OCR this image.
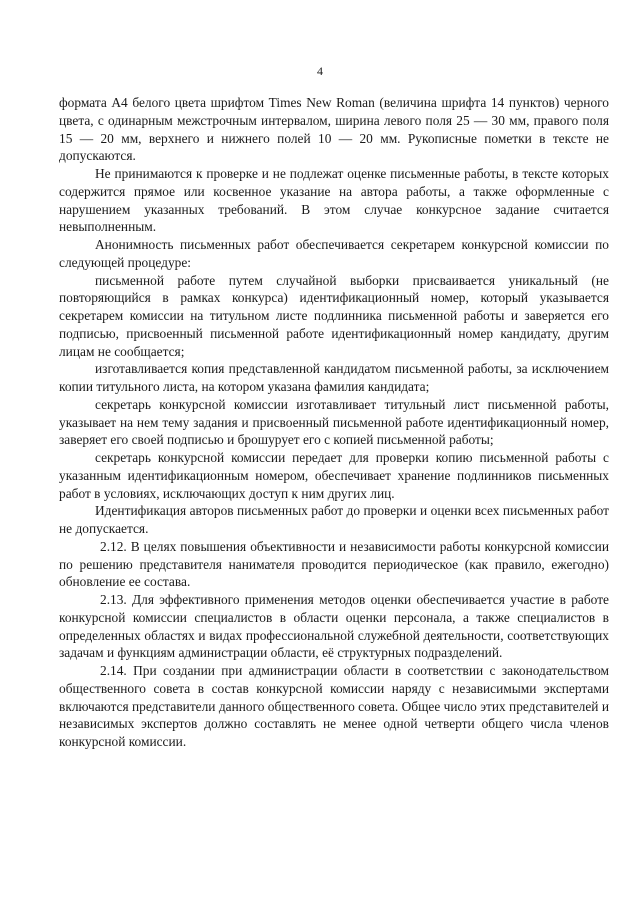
4

формата А4 белого цвета шрифтом Times New Roman (величина шрифта 14 пунктов) черного цвета, с одинарным межстрочным интервалом, ширина левого поля 25 — 30 мм, правого поля 15 — 20 мм, верхнего и нижнего полей 10 — 20 мм. Рукописные пометки в тексте не допускаются.

Не принимаются к проверке и не подлежат оценке письменные работы, в тексте которых содержится прямое или косвенное указание на автора работы, а также оформленные с нарушением указанных требований. В этом случае конкурсное задание считается невыполненным.

Анонимность письменных работ обеспечивается секретарем конкурсной комиссии по следующей процедуре:

письменной работе путем случайной выборки присваивается уникальный (не повторяющийся в рамках конкурса) идентификационный номер, который указывается секретарем комиссии на титульном листе подлинника письменной работы и заверяется его подписью, присвоенный письменной работе идентификационный номер кандидату, другим лицам не сообщается;

изготавливается копия представленной кандидатом письменной работы, за исключением копии титульного листа, на котором указана фамилия кандидата;

секретарь конкурсной комиссии изготавливает титульный лист письменной работы, указывает на нем тему задания и присвоенный письменной работе идентификационный номер, заверяет его своей подписью и брошурует его с копией письменной работы;

секретарь конкурсной комиссии передает для проверки копию письменной работы с указанным идентификационным номером, обеспечивает хранение подлинников письменных работ в условиях, исключающих доступ к ним других лиц.

Идентификация авторов письменных работ до проверки и оценки всех письменных работ не допускается.

2.12. В целях повышения объективности и независимости работы конкурсной комиссии по решению представителя нанимателя проводится периодическое (как правило, ежегодно) обновление ее состава.

2.13. Для эффективного применения методов оценки обеспечивается участие в работе конкурсной комиссии специалистов в области оценки персонала, а также специалистов в определенных областях и видах профессиональной служебной деятельности, соответствующих задачам и функциям администрации области, её структурных подразделений.

2.14. При создании при администрации области в соответствии с законодательством общественного совета в состав конкурсной комиссии наряду с независимыми экспертами включаются представители данного общественного совета. Общее число этих представителей и независимых экспертов должно составлять не менее одной четверти общего числа членов конкурсной комиссии.
